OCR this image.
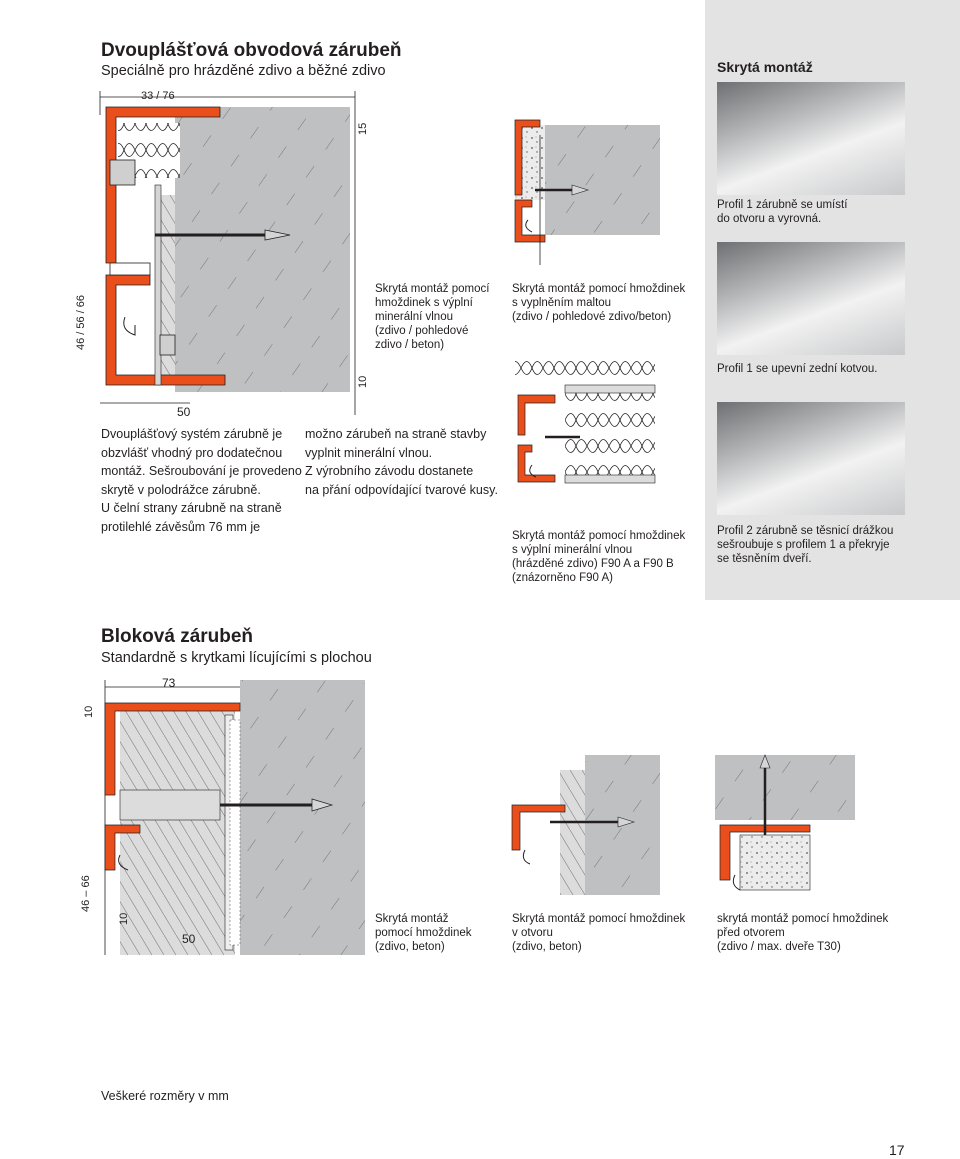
Dvouplášťová obvodová zárubeň
Speciálně pro hrázděné zdivo a běžné zdivo	Skrytá montáž
33 / 76
15
10
46 / 56 / 66
50
Skrytá montáž pomocí
hmoždinek s výplní
minerální vlnou
(zdivo / pohledové
zdivo / beton)
Skrytá montáž pomocí hmoždinek
s vyplněním maltou
(zdivo / pohledové zdivo/beton)
Skrytá montáž pomocí hmoždinek
s výplní minerální vlnou
(hrázděné zdivo) F90 A a F90 B
(znázorněno F90 A)
Dvouplášťový systém zárubně je
obzvlášť vhodný pro dodatečnou
montáž. Sešroubování je provedeno
skrytě v polodrážce zárubně.
U čelní strany zárubně na straně
protilehlé závěsům 76 mm je
možno zárubeň na straně stavby
vyplnit minerální vlnou.
Z výrobního závodu dostanete
na přání odpovídající tvarové kusy.
Profil 1 zárubně se umístí
do otvoru a vyrovná.
Profil 1 se upevní zední kotvou.
Profil 2 zárubně se těsnicí drážkou
sešroubuje s profilem 1 a překryje
se těsněním dveří.
Bloková zárubeň
Standardně s krytkami lícujícími s plochou
73
10
46 – 66
10
50
Skrytá montáž
pomocí hmoždinek
(zdivo, beton)
Skrytá montáž pomocí hmoždinek
v otvoru
(zdivo, beton)
skrytá montáž pomocí hmoždinek
před otvorem
(zdivo / max. dveře T30)
Veškeré rozměry v mm
17
